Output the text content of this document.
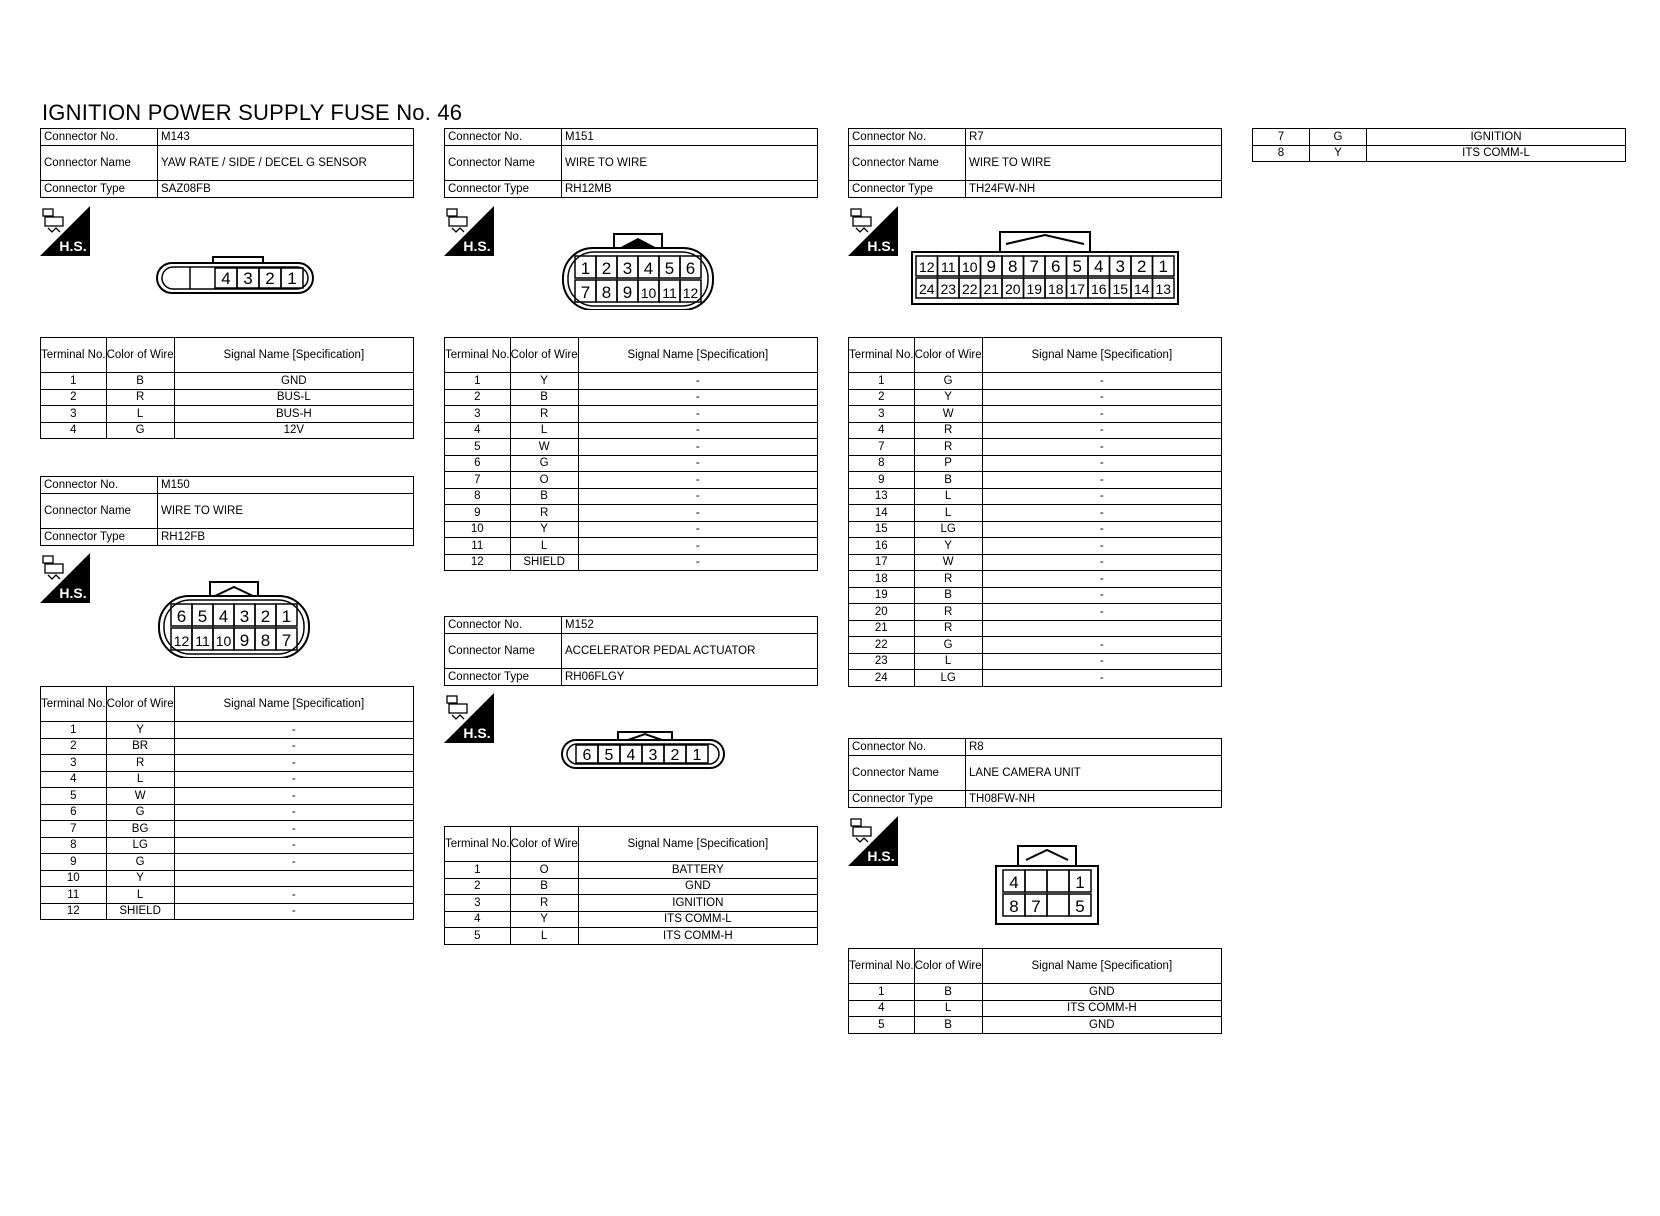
IGNITION POWER SUPPLY FUSE No. 46
Connector No.	M143
Connector Name	YAW RATE / SIDE / DECEL G SENSOR
Connector Type	SAZ08FB
H.S.
4 3 2 1
Terminal No.	Color of Wire	Signal Name [Specification]
1	B	GND
2	R	BUS-L
3	L	BUS-H
4	G	12V
Connector No.	M150
Connector Name	WIRE TO WIRE
Connector Type	RH12FB
H.S.
6 5 4 3 2 1
12 11 10 9 8 7
Terminal No.	Color of Wire	Signal Name [Specification]
1	Y	-
2	BR	-
3	R	-
4	L	-
5	W	-
6	G	-
7	BG	-
8	LG	-
9	G	-
10	Y	
11	L	-
12	SHIELD	-
Connector No.	M151
Connector Name	WIRE TO WIRE
Connector Type	RH12MB
H.S.
1 2 3 4 5 6
7 8 9 10 11 12
Terminal No.	Color of Wire	Signal Name [Specification]
1	Y	-
2	B	-
3	R	-
4	L	-
5	W	-
6	G	-
7	O	-
8	B	-
9	R	-
10	Y	-
11	L	-
12	SHIELD	-
Connector No.	M152
Connector Name	ACCELERATOR PEDAL ACTUATOR
Connector Type	RH06FLGY
H.S.
6 5 4 3 2 1
Terminal No.	Color of Wire	Signal Name [Specification]
1	O	BATTERY
2	B	GND
3	R	IGNITION
4	Y	ITS COMM-L
5	L	ITS COMM-H
Connector No.	R7
Connector Name	WIRE TO WIRE
Connector Type	TH24FW-NH
H.S.
12 11 10 9 8 7 6 5 4 3 2 1
24 23 22 21 20 19 18 17 16 15 14 13
Terminal No.	Color of Wire	Signal Name [Specification]
1	G	-
2	Y	-
3	W	-
4	R	-
7	R	-
8	P	-
9	B	-
13	L	-
14	L	-
15	LG	-
16	Y	-
17	W	-
18	R	-
19	B	-
20	R	-
21	R	
22	G	-
23	L	-
24	LG	-
Connector No.	R8
Connector Name	LANE CAMERA UNIT
Connector Type	TH08FW-NH
H.S.
4	1
8 7 5
Terminal No.	Color of Wire	Signal Name [Specification]
1	B	GND
4	L	ITS COMM-H
5	B	GND
7	G	IGNITION
8	Y	ITS COMM-L
